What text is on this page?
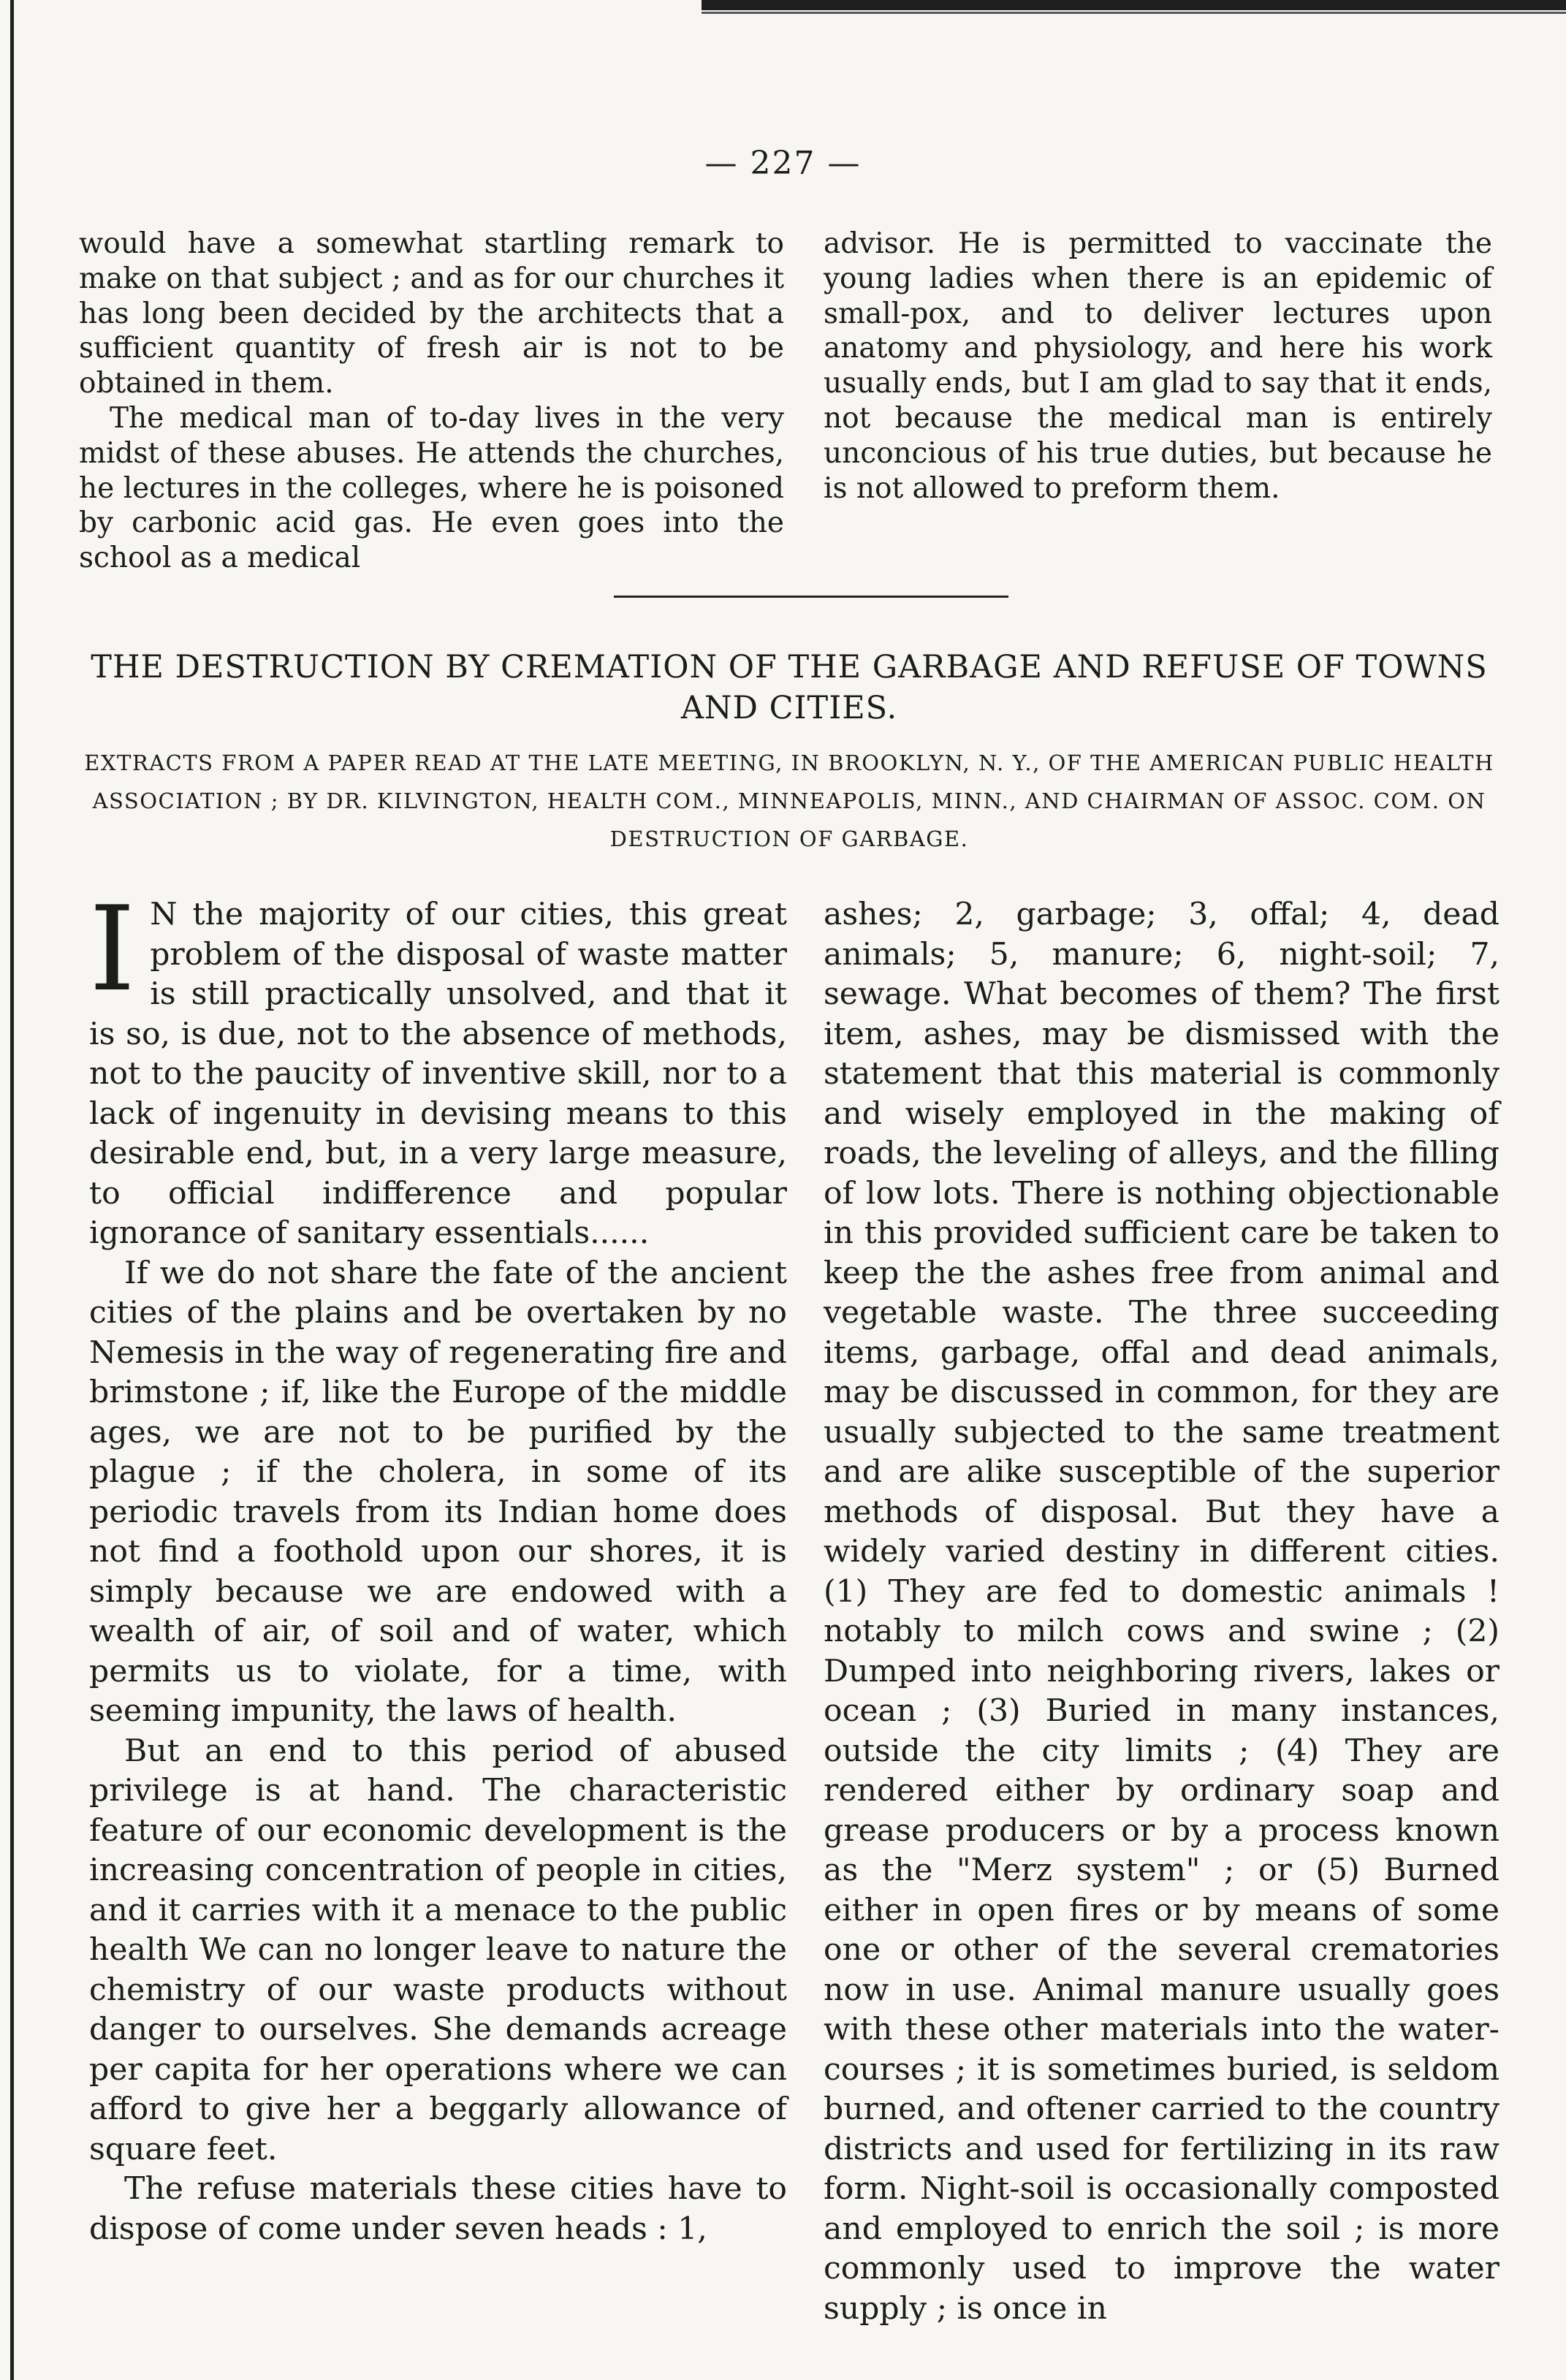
— 227 —

would have a somewhat startling remark to make on that subject ; and as for our churches it has long been decided by the architects that a sufficient quantity of fresh air is not to be obtained in them.

The medical man of to-day lives in the very midst of these abuses. He attends the churches, he lectures in the colleges, where he is poisoned by carbonic acid gas. He even goes into the school as a medical

advisor. He is permitted to vaccinate the young ladies when there is an epidemic of small-pox, and to deliver lectures upon anatomy and physiology, and here his work usually ends, but I am glad to say that it ends, not because the medical man is entirely unconcious of his true duties, but because he is not allowed to preform them.

THE DESTRUCTION BY CREMATION OF THE GARBAGE AND REFUSE OF TOWNS AND CITIES.
EXTRACTS FROM A PAPER READ AT THE LATE MEETING, IN BROOKLYN, N. Y., OF THE AMERICAN PUBLIC HEALTH ASSOCIATION ; BY DR. KILVINGTON, HEALTH COM., MINNEAPOLIS, MINN., AND CHAIRMAN OF ASSOC. COM. ON DESTRUCTION OF GARBAGE.

I N the majority of our cities, this great problem of the disposal of waste matter is still practically unsolved, and that it is so, is due, not to the absence of methods, not to the paucity of inventive skill, nor to a lack of ingenuity in devising means to this desirable end, but, in a very large measure, to official indifference and popular ignorance of sanitary essentials......

If we do not share the fate of the ancient cities of the plains and be overtaken by no Nemesis in the way of regenerating fire and brimstone ; if, like the Europe of the middle ages, we are not to be purified by the plague ; if the cholera, in some of its periodic travels from its Indian home does not find a foothold upon our shores, it is simply because we are endowed with a wealth of air, of soil and of water, which permits us to violate, for a time, with seeming impunity, the laws of health.

But an end to this period of abused privilege is at hand. The characteristic feature of our economic development is the increasing concentration of people in cities, and it carries with it a menace to the public health We can no longer leave to nature the chemistry of our waste products without danger to ourselves. She demands acreage per capita for her operations where we can afford to give her a beggarly allowance of square feet.

The refuse materials these cities have to dispose of come under seven heads : 1,

ashes; 2, garbage; 3, offal; 4, dead animals; 5, manure; 6, night-soil; 7, sewage. What becomes of them? The first item, ashes, may be dismissed with the statement that this material is commonly and wisely employed in the making of roads, the leveling of alleys, and the filling of low lots. There is nothing objectionable in this provided sufficient care be taken to keep the the ashes free from animal and vegetable waste. The three succeeding items, garbage, offal and dead animals, may be discussed in common, for they are usually subjected to the same treatment and are alike susceptible of the superior methods of disposal. But they have a widely varied destiny in different cities. (1) They are fed to domestic animals ! notably to milch cows and swine ; (2) Dumped into neighboring rivers, lakes or ocean ; (3) Buried in many instances, outside the city limits ; (4) They are rendered either by ordinary soap and grease producers or by a process known as the "Merz system" ; or (5) Burned either in open fires or by means of some one or other of the several crematories now in use. Animal manure usually goes with these other materials into the water-courses ; it is sometimes buried, is seldom burned, and oftener carried to the country districts and used for fertilizing in its raw form. Night-soil is occasionally composted and employed to enrich the soil ; is more commonly used to improve the water supply ; is once in
